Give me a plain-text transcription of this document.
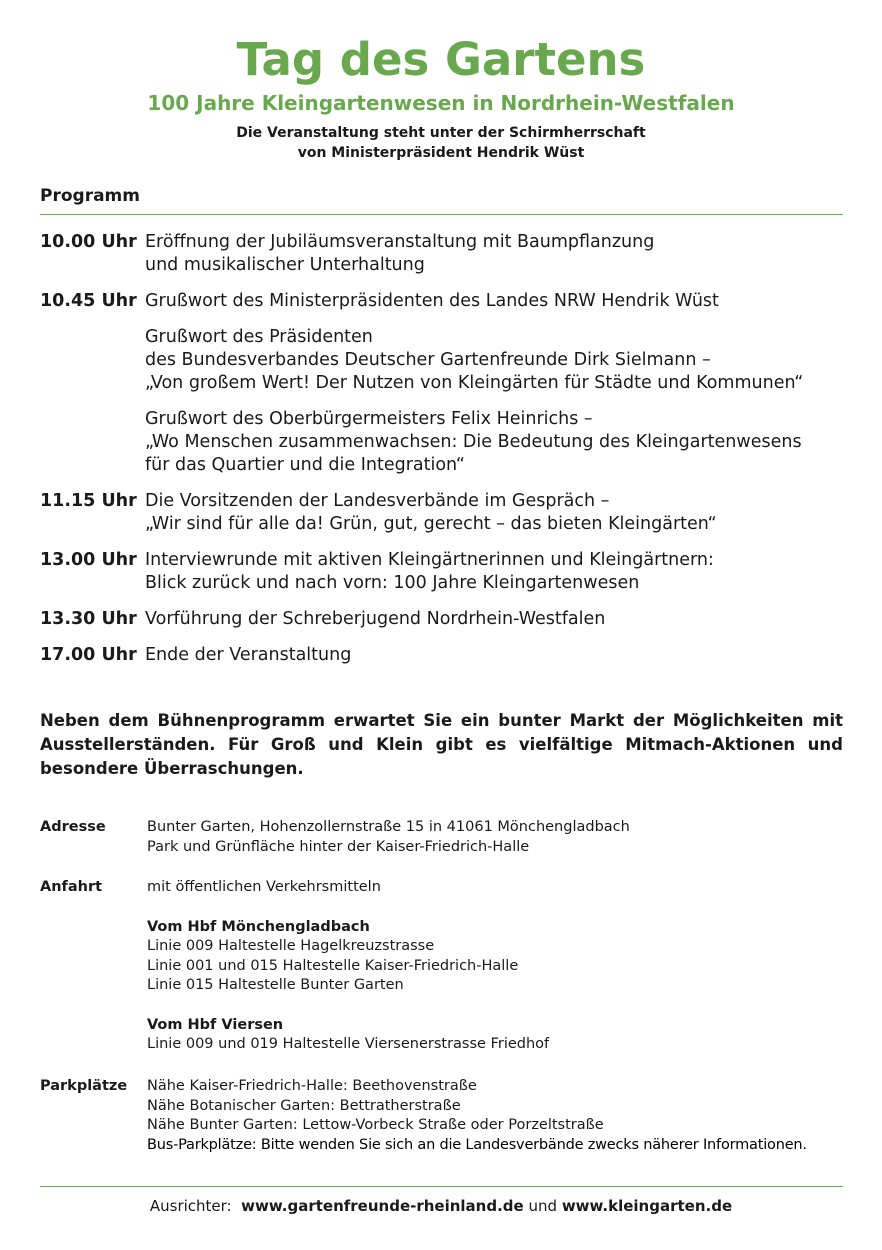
Tag des Gartens
100 Jahre Kleingartenwesen in Nordrhein-Westfalen
Die Veranstaltung steht unter der Schirmherrschaft
von Ministerpräsident Hendrik Wüst
Programm
10.00 Uhr Eröffnung der Jubiläumsveranstaltung mit Baumpflanzung
und musikalischer Unterhaltung
10.45 Uhr Grußwort des Ministerpräsidenten des Landes NRW Hendrik Wüst
Grußwort des Präsidenten
des Bundesverbandes Deutscher Gartenfreunde Dirk Sielmann –
„Von großem Wert! Der Nutzen von Kleingärten für Städte und Kommunen“
Grußwort des Oberbürgermeisters Felix Heinrichs –
„Wo Menschen zusammenwachsen: Die Bedeutung des Kleingartenwesens
für das Quartier und die Integration“
11.15 Uhr Die Vorsitzenden der Landesverbände im Gespräch –
„Wir sind für alle da! Grün, gut, gerecht – das bieten Kleingärten“
13.00 Uhr Interviewrunde mit aktiven Kleingärtnerinnen und Kleingärtnern:
Blick zurück und nach vorn: 100 Jahre Kleingartenwesen
13.30 Uhr Vorführung der Schreberjugend Nordrhein-Westfalen
17.00 Uhr Ende der Veranstaltung
Neben dem Bühnenprogramm erwartet Sie ein bunter Markt der Möglichkeiten mit Ausstellerständen. Für Groß und Klein gibt es vielfältige Mitmach-Aktionen und besondere Überraschungen.
Adresse	Bunter Garten, Hohenzollernstraße 15 in 41061 Mönchengladbach
Park und Grünfläche hinter der Kaiser-Friedrich-Halle
Anfahrt	mit öffentlichen Verkehrsmitteln
Vom Hbf Mönchengladbach
Linie 009 Haltestelle Hagelkreuzstrasse
Linie 001 und 015 Haltestelle Kaiser-Friedrich-Halle
Linie 015 Haltestelle Bunter Garten
Vom Hbf Viersen
Linie 009 und 019 Haltestelle Viersenerstrasse Friedhof
Parkplätze	Nähe Kaiser-Friedrich-Halle: Beethovenstraße
Nähe Botanischer Garten: Bettratherstraße
Nähe Bunter Garten: Lettow-Vorbeck Straße oder Porzeltstraße
Bus-Parkplätze: Bitte wenden Sie sich an die Landesverbände zwecks näherer Informationen.
Ausrichter: www.gartenfreunde-rheinland.de und www.kleingarten.de
